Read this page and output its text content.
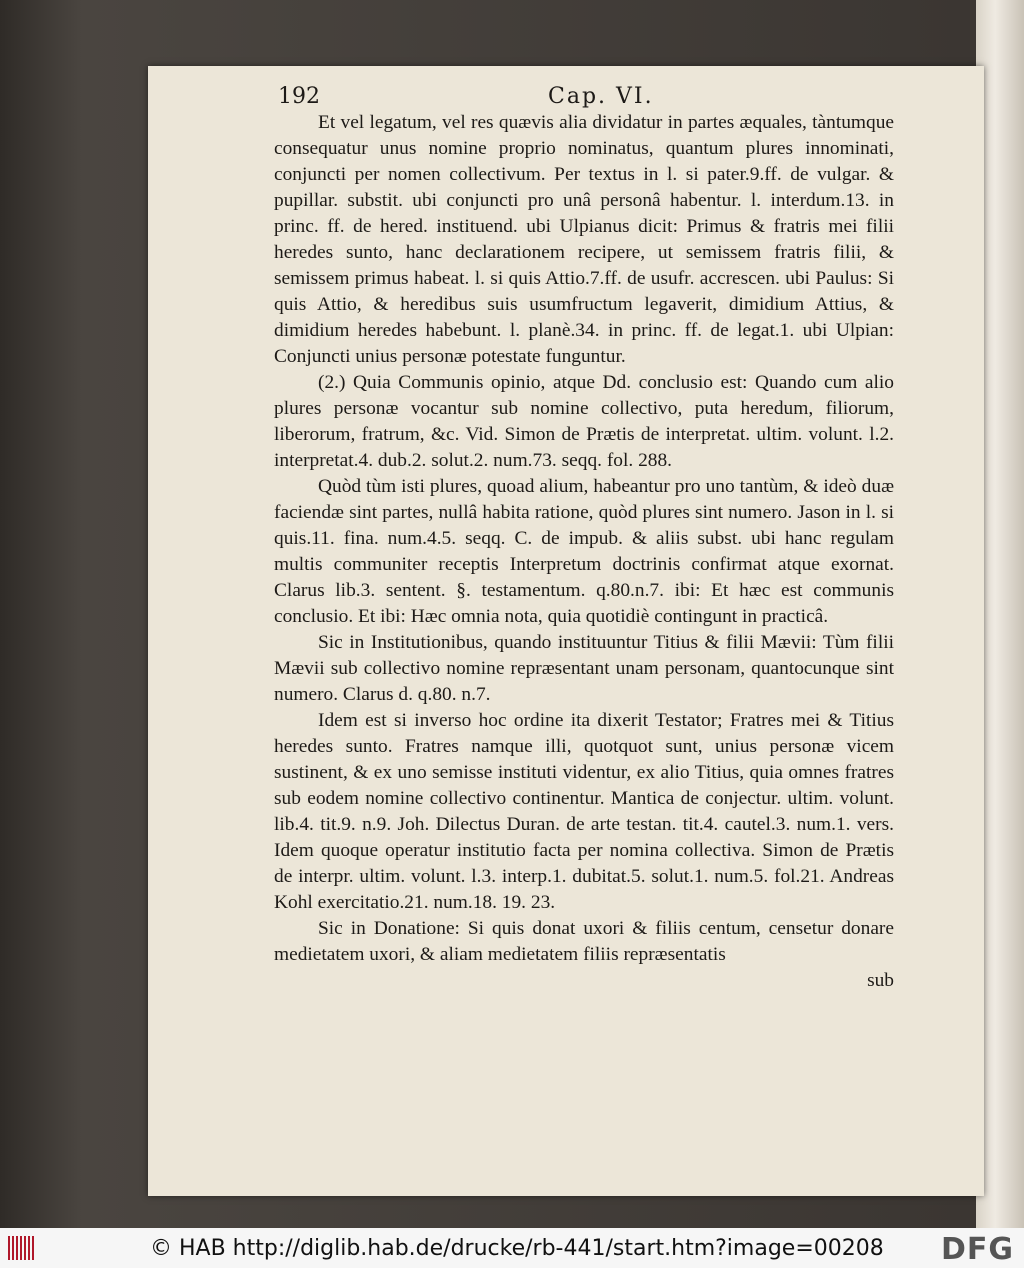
192	Cap. VI.

Et vel legatum, vel res quævis alia dividatur in partes æquales, tàntumque consequatur unus nomine proprio nominatus, quantum plures innominati, conjuncti per nomen collectivum. Per textus in l. si pater.9.ff. de vulgar. & pupillar. substit. ubi conjuncti pro unâ personâ habentur. l. interdum.13. in princ. ff. de hered. instituend. ubi Ulpianus dicit: Primus & fratris mei filii heredes sunto, hanc declarationem recipere, ut semissem fratris filii, & semissem primus habeat. l. si quis Attio.7.ff. de usufr. accrescen. ubi Paulus: Si quis Attio, & heredibus suis usumfructum legaverit, dimidium Attius, & dimidium heredes habebunt. l. planè.34. in princ. ff. de legat.1. ubi Ulpian: Conjuncti unius personæ potestate funguntur.

(2.) Quia Communis opinio, atque Dd. conclusio est: Quando cum alio plures personæ vocantur sub nomine collectivo, puta heredum, filiorum, liberorum, fratrum, &c. Vid. Simon de Prætis de interpretat. ultim. volunt. l.2. interpretat.4. dub.2. solut.2. num.73. seqq. fol. 288.

Quòd tùm isti plures, quoad alium, habeantur pro uno tantùm, & ideò duæ faciendæ sint partes, nullâ habita ratione, quòd plures sint numero. Jason in l. si quis.11. fina. num.4.5. seqq. C. de impub. & aliis subst. ubi hanc regulam multis communiter receptis Interpretum doctrinis confirmat atque exornat. Clarus lib.3. sentent. §. testamentum. q.80.n.7. ibi: Et hæc est communis conclusio. Et ibi: Hæc omnia nota, quia quotidiè contingunt in practicâ.

Sic in Institutionibus, quando instituuntur Titius & filii Mævii: Tùm filii Mævii sub collectivo nomine repræsentant unam personam, quantocunque sint numero. Clarus d. q.80. n.7.

Idem est si inverso hoc ordine ita dixerit Testator; Fratres mei & Titius heredes sunto. Fratres namque illi, quotquot sunt, unius personæ vicem sustinent, & ex uno semisse instituti videntur, ex alio Titius, quia omnes fratres sub eodem nomine collectivo continentur. Mantica de conjectur. ultim. volunt. lib.4. tit.9. n.9. Joh. Dilectus Duran. de arte testan. tit.4. cautel.3. num.1. vers. Idem quoque operatur institutio facta per nomina collectiva. Simon de Prætis de interpr. ultim. volunt. l.3. interp.1. dubitat.5. solut.1. num.5. fol.21. Andreas Kohl exercitatio.21. num.18. 19. 23.

Sic in Donatione: Si quis donat uxori & filiis centum, censetur donare medietatem uxori, & aliam medietatem filiis repræsentatis

sub

© HAB http://diglib.hab.de/drucke/rb-441/start.htm?image=00208 DFG
